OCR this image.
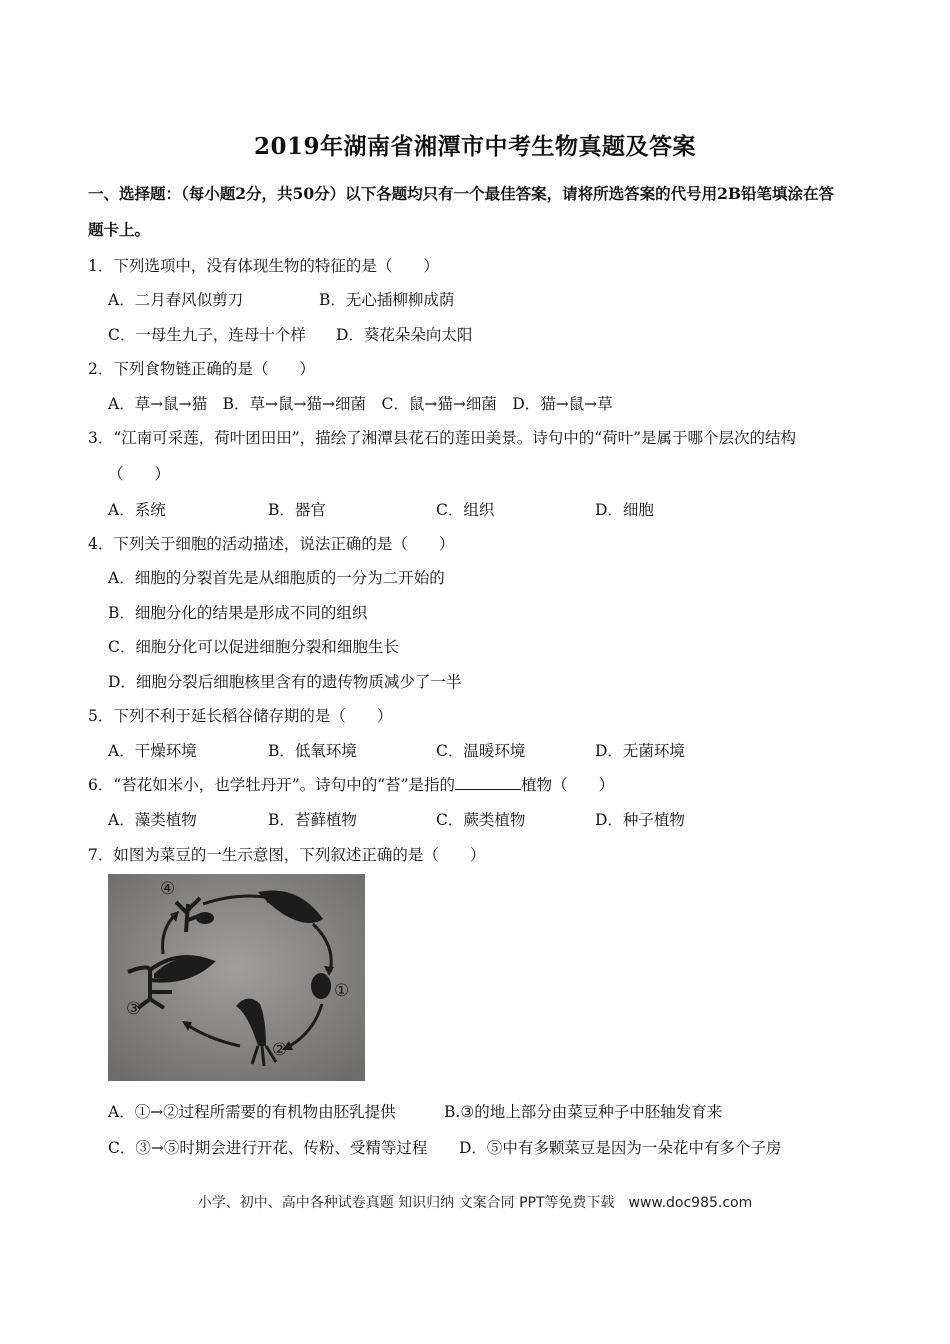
2019年湖南省湘潭市中考生物真题及答案
一、选择题：（每小题2分，共50分）以下各题均只有一个最佳答案，请将所选答案的代号用2B铅笔填涂在答
题卡上。
1．下列选项中，没有体现生物的特征的是（　　）
A．二月春风似剪刀	B．无心插柳柳成荫
C．一母生九子，连母十个样 D．葵花朵朵向太阳
2．下列食物链正确的是（　　）
A．草→鼠→猫　B．草→鼠→猫→细菌　C．鼠→猫→细菌　D．猫→鼠→草
3．“江南可采莲，荷叶团田田”，描绘了湘潭县花石的莲田美景。诗句中的“荷叶”是属于哪个层次的结构
（　　）
A．系统	B．器官	C．组织	D．细胞
4．下列关于细胞的活动描述，说法正确的是（　　）
A．细胞的分裂首先是从细胞质的一分为二开始的
B．细胞分化的结果是形成不同的组织
C．细胞分化可以促进细胞分裂和细胞生长
D．细胞分裂后细胞核里含有的遗传物质减少了一半
5．下列不利于延长稻谷储存期的是（　　）
A．干燥环境	B．低氧环境	C．温暖环境	D．无菌环境
6．“苔花如米小，也学牡丹开”。诗句中的“苔”是指的	植物（　　）
A．藻类植物	B．苔藓植物	C．蕨类植物	D．种子植物
7．如图为菜豆的一生示意图，下列叙述正确的是（　　）
④
⑤
①
②
③
A．①→②过程所需要的有机物由胚乳提供	B.③的地上部分由菜豆种子中胚轴发育来
C．③→⑤时期会进行开花、传粉、受精等过程 D．⑤中有多颗菜豆是因为一朵花中有多个子房
小学、初中、高中各种试卷真题 知识归纳 文案合同 PPT等免费下载　www.doc985.com
